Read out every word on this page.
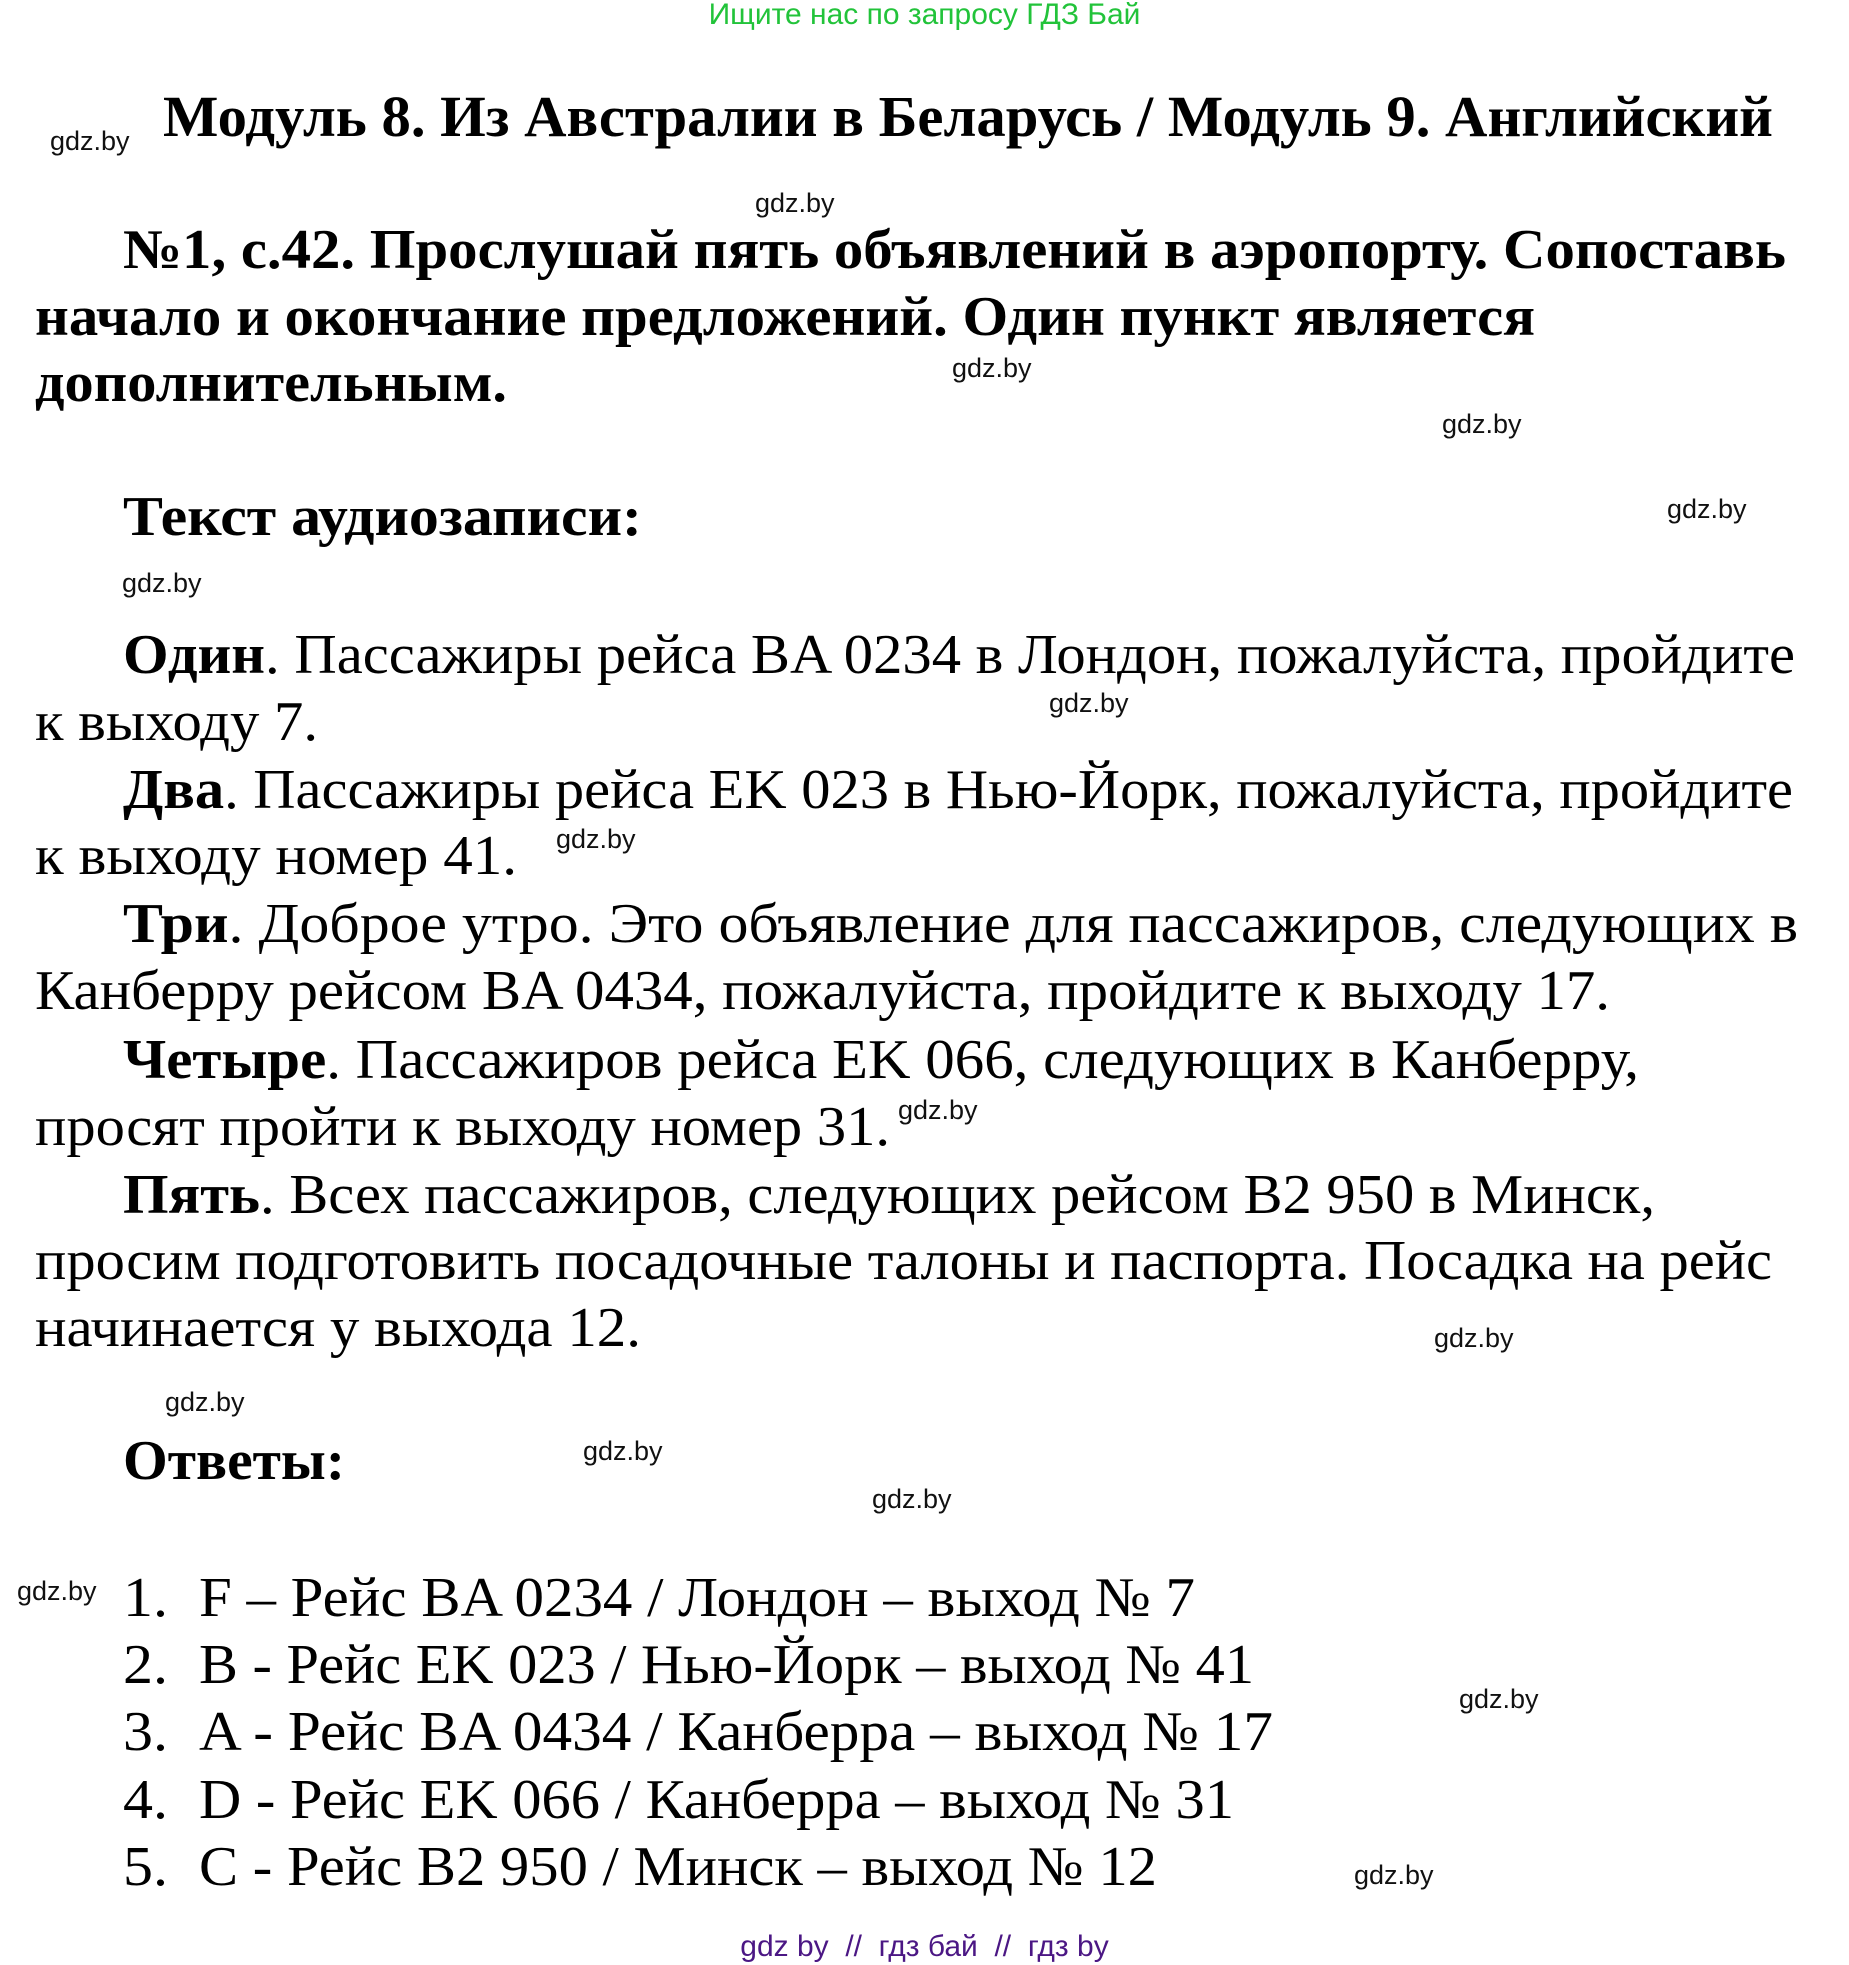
Ищите нас по запросу ГДЗ Бай
Модуль 8. Из Австралии в Беларусь / Модуль 9. Английский
№1, с.42. Прослушай пять объявлений в аэропорту. Сопоставь
начало и окончание предложений. Один пункт является
дополнительным.
Текст аудиозаписи:
Один. Пассажиры рейса BA 0234 в Лондон, пожалуйста, пройдите
к выходу 7.
Два. Пассажиры рейса EK 023 в Нью-Йорк, пожалуйста, пройдите
к выходу номер 41.
Три. Доброе утро. Это объявление для пассажиров, следующих в
Канберру рейсом BA 0434, пожалуйста, пройдите к выходу 17.
Четыре. Пассажиров рейса EK 066, следующих в Канберру,
просят пройти к выходу номер 31.
Пять. Всех пассажиров, следующих рейсом B2 950 в Минск,
просим подготовить посадочные талоны и паспорта. Посадка на рейс
начинается у выхода 12.
Ответы:
1. F – Рейс BA 0234 / Лондон – выход № 7
2. B - Рейс EK 023 / Нью-Йорк – выход № 41
3. A - Рейс BA 0434 / Канберра – выход № 17
4. D - Рейс EK 066 / Канберра – выход № 31
5. C - Рейс B2 950 / Минск – выход № 12
gdz.by
gdz.by
gdz.by
gdz.by
gdz.by
gdz.by
gdz.by
gdz.by
gdz.by
gdz.by
gdz.by
gdz.by
gdz.by
gdz.by
gdz.by
gdz.by
gdz by  //  гдз бай  //  гдз by
